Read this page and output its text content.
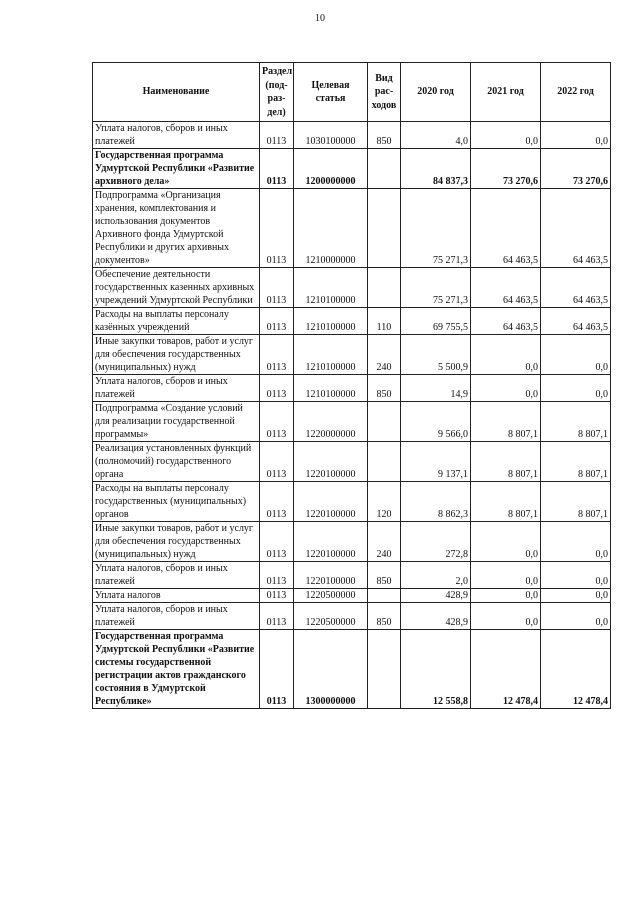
10
Наименование	Раздел (под-раз-дел)	Целевая статья	Вид рас-ходов	2020 год	2021 год	2022 год
Уплата налогов, сборов и иных платежей	0113	1030100000	850	4,0	0,0	0,0
Государственная программа Удмуртской Республики «Развитие архивного дела»	0113	1200000000		84 837,3	73 270,6	73 270,6
Подпрограмма «Организация хранения, комплектования и использования документов Архивного фонда Удмуртской Республики и других архивных документов»	0113	1210000000		75 271,3	64 463,5	64 463,5
Обеспечение деятельности государственных казенных архивных учреждений Удмуртской Республики	0113	1210100000		75 271,3	64 463,5	64 463,5
Расходы на выплаты персоналу казённых учреждений	0113	1210100000	110	69 755,5	64 463,5	64 463,5
Иные закупки товаров, работ и услуг для обеспечения государственных (муниципальных) нужд	0113	1210100000	240	5 500,9	0,0	0,0
Уплата налогов, сборов и иных платежей	0113	1210100000	850	14,9	0,0	0,0
Подпрограмма «Создание условий для реализации государственной программы»	0113	1220000000		9 566,0	8 807,1	8 807,1
Реализация установленных функций (полномочий) государственного органа	0113	1220100000		9 137,1	8 807,1	8 807,1
Расходы на выплаты персоналу государственных (муниципальных) органов	0113	1220100000	120	8 862,3	8 807,1	8 807,1
Иные закупки товаров, работ и услуг для обеспечения государственных (муниципальных) нужд	0113	1220100000	240	272,8	0,0	0,0
Уплата налогов, сборов и иных платежей	0113	1220100000	850	2,0	0,0	0,0
Уплата налогов	0113	1220500000		428,9	0,0	0,0
Уплата налогов, сборов и иных платежей	0113	1220500000	850	428,9	0,0	0,0
Государственная программа Удмуртской Республики «Развитие системы государственной регистрации актов гражданского состояния в Удмуртской Республике»	0113	1300000000		12 558,8	12 478,4	12 478,4
